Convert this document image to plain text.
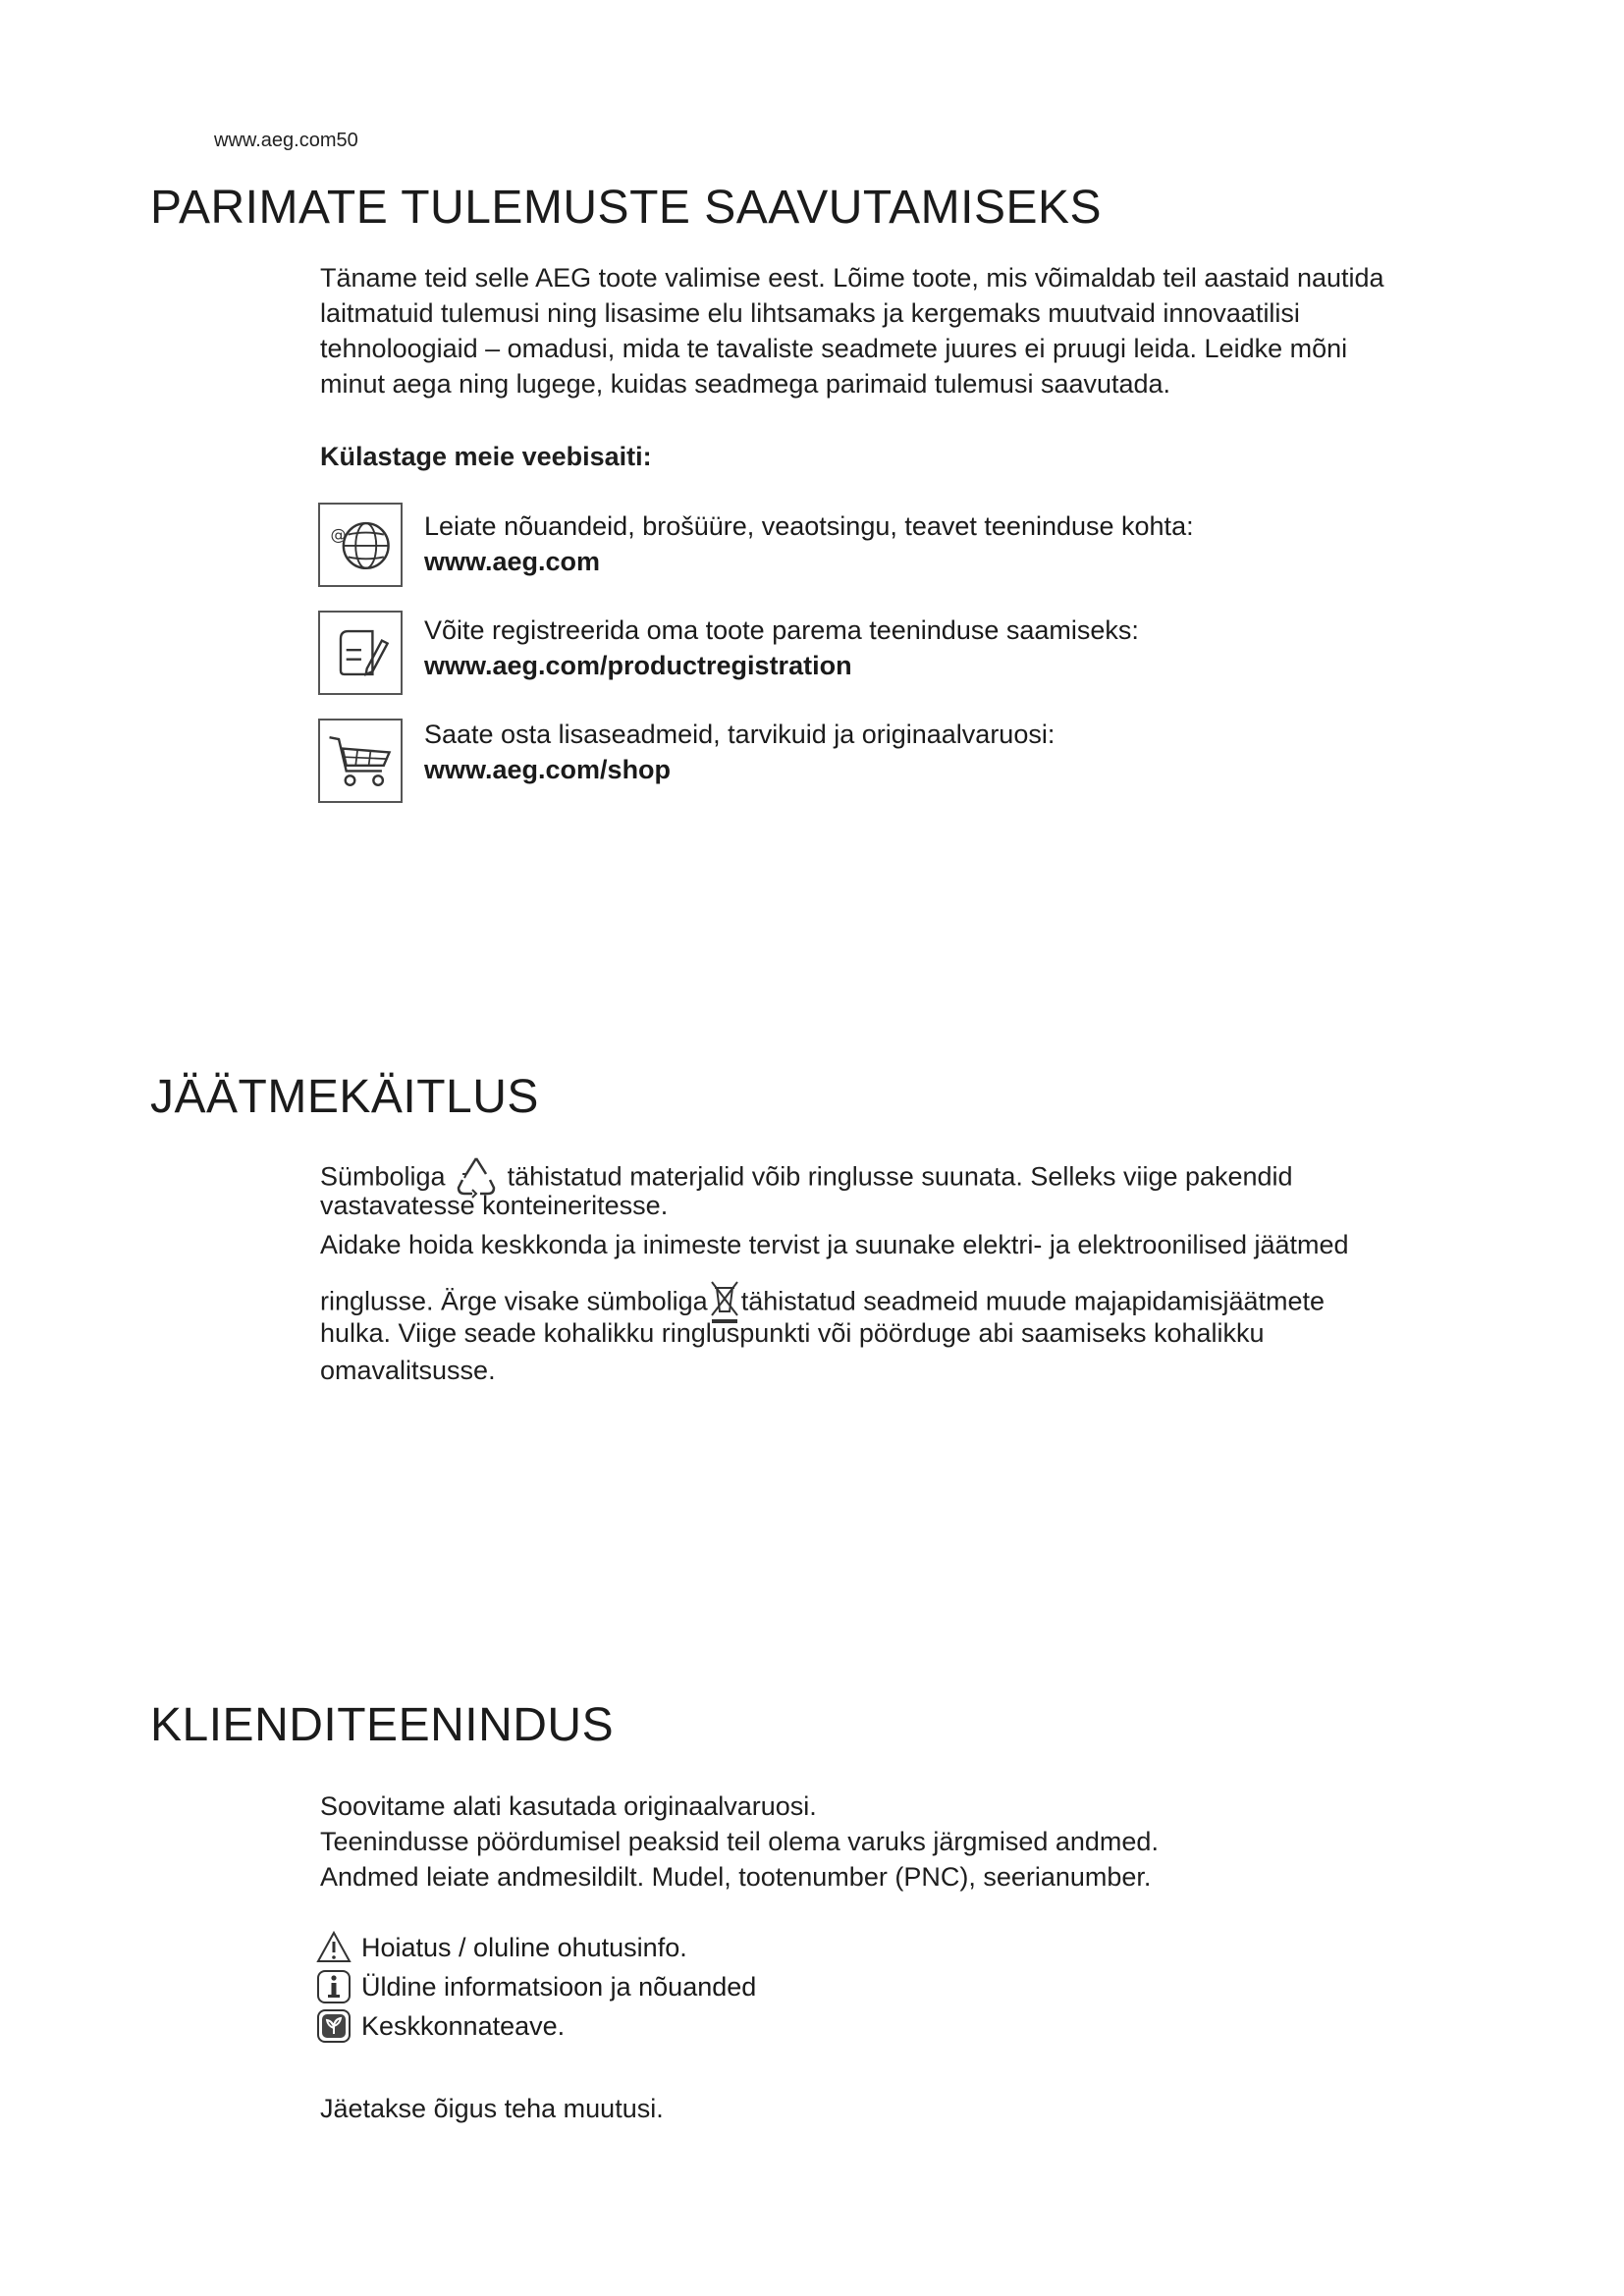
www.aeg.com50
PARIMATE TULEMUSTE SAAVUTAMISEKS
Täname teid selle AEG toote valimise eest. Lõime toote, mis võimaldab teil aastaid nautida
laitmatuid tulemusi ning lisasime elu lihtsamaks ja kergemaks muutvaid innovaatilisi
tehnoloogiaid – omadusi, mida te tavaliste seadmete juures ei pruugi leida. Leidke mõni
minut aega ning lugege, kuidas seadmega parimaid tulemusi saavutada.
Külastage meie veebisaiti:
@	Leiate nõuandeid, brošüüre, veaotsingu, teavet teeninduse kohta:
www.aeg.com
Võite registreerida oma toote parema teeninduse saamiseks:
www.aeg.com/productregistration
Saate osta lisaseadmeid, tarvikuid ja originaalvaruosi:
www.aeg.com/shop
JÄÄTMEKÄITLUS
Sümboliga tähistatud materjalid võib ringlusse suunata. Selleks viige pakendid
vastavatesse konteineritesse.
Aidake hoida keskkonda ja inimeste tervist ja suunake elektri- ja elektroonilised jäätmed
ringlusse. Ärge visake sümboliga tähistatud seadmeid muude majapidamisjäätmete
hulka. Viige seade kohalikku ringluspunkti või pöörduge abi saamiseks kohalikku
omavalitsusse.
KLIENDITEENINDUS
Soovitame alati kasutada originaalvaruosi.
Teenindusse pöördumisel peaksid teil olema varuks järgmised andmed.
Andmed leiate andmesildilt. Mudel, tootenumber (PNC), seerianumber.
Hoiatus / oluline ohutusinfo.
Üldine informatsioon ja nõuanded
Keskkonnateave.
Jäetakse õigus teha muutusi.
